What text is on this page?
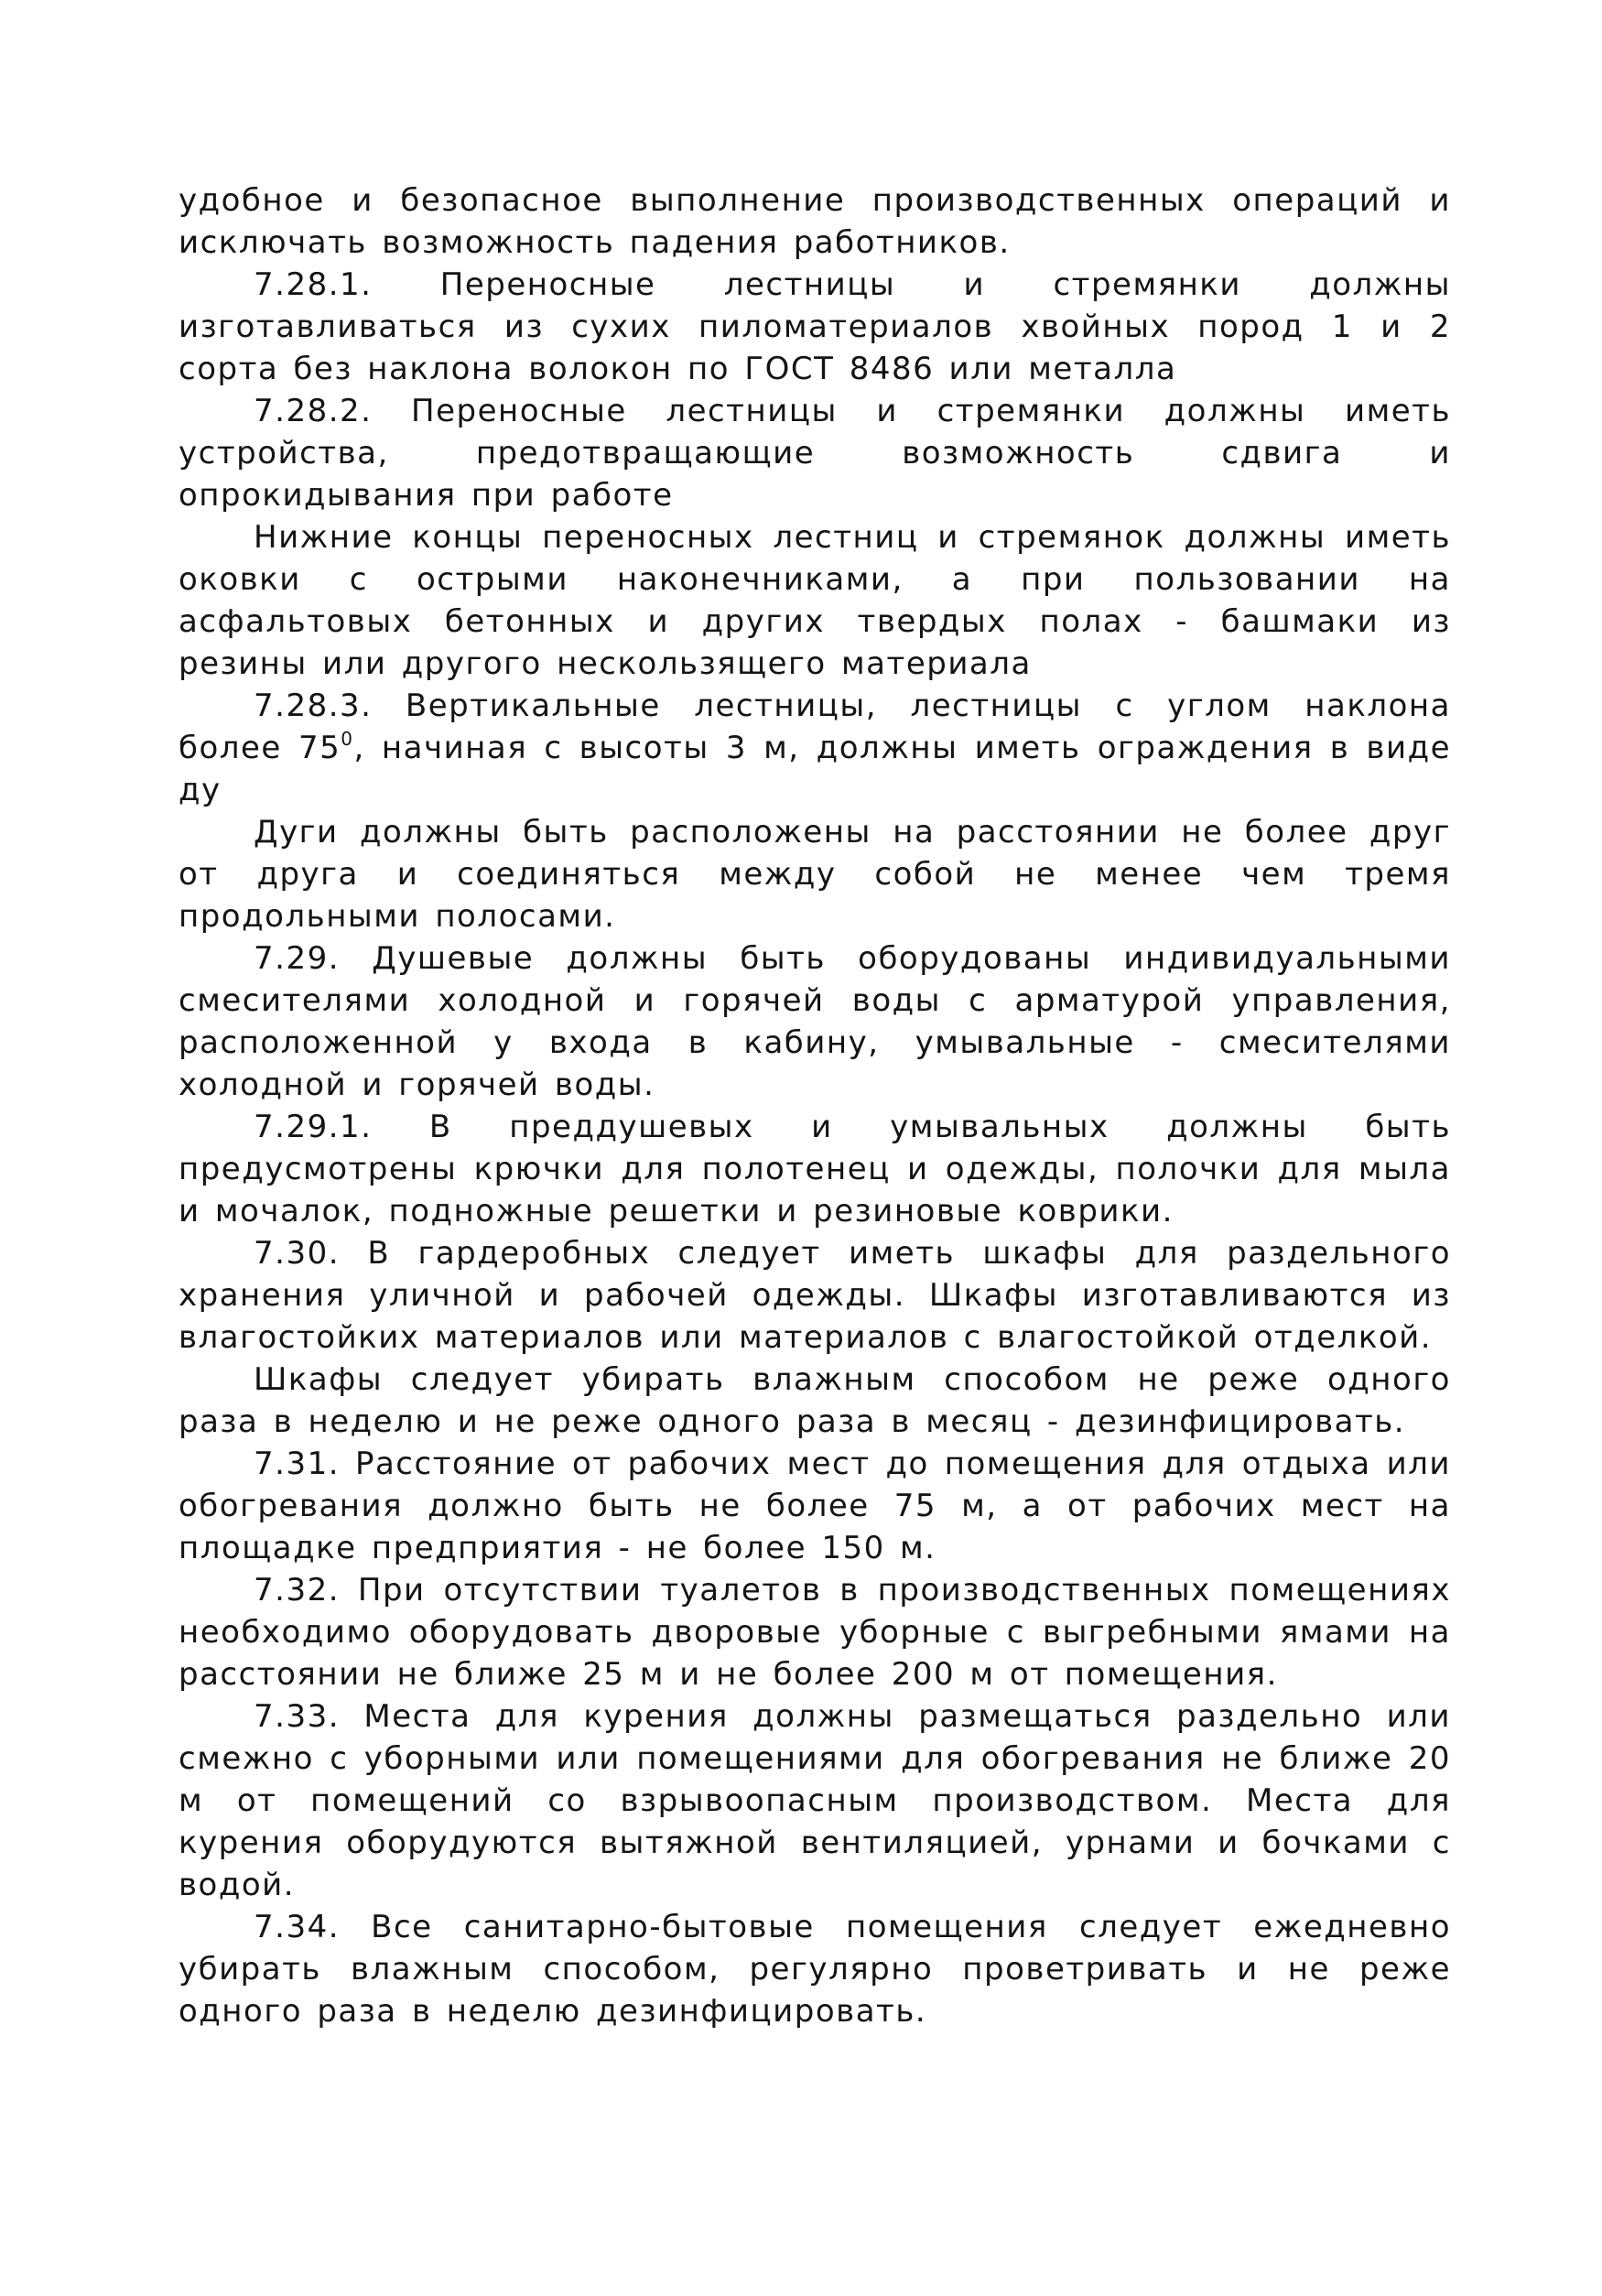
удобное и безопасное выполнение производственных операций и исключать возможность падения работников.

7.28.1. Переносные лестницы и стремянки должны изготавливаться из сухих пиломатериалов хвойных пород 1 и 2 сорта без наклона волокон по ГОСТ 8486 или металла

7.28.2. Переносные лестницы и стремянки должны иметь устройства, предотвращающие возможность сдвига и опрокидывания при работе

Нижние концы переносных лестниц и стремянок должны иметь оковки с острыми наконечниками, а при пользовании на асфальтовых бетонных и других твердых полах - башмаки из резины или другого нескользящего материала

7.28.3. Вертикальные лестницы, лестницы с углом наклона более $75^0$, начиная с высоты 3 м, должны иметь ограждения в виде ду

Дуги должны быть расположены на расстоянии не более друг от друга и соединяться между собой не менее чем тремя продольными полосами.

7.29. Душевые должны быть оборудованы индивидуальными смесителями холодной и горячей воды с арматурой управления, расположенной у входа в кабину, умывальные - смесителями холодной и горячей воды.

7.29.1. В преддушевых и умывальных должны быть предусмотрены крючки для полотенец и одежды, полочки для мыла и мочалок, подножные решетки и резиновые коврики.

7.30. В гардеробных следует иметь шкафы для раздельного хранения уличной и рабочей одежды. Шкафы изготавливаются из влагостойких материалов или материалов с влагостойкой отделкой.

Шкафы следует убирать влажным способом не реже одного раза в неделю и не реже одного раза в месяц - дезинфицировать.

7.31. Расстояние от рабочих мест до помещения для отдыха или обогревания должно быть не более 75 м, а от рабочих мест на площадке предприятия - не более 150 м.

7.32. При отсутствии туалетов в производственных помещениях необходимо оборудовать дворовые уборные с выгребными ямами на расстоянии не ближе 25 м и не более 200 м от помещения.

7.33. Места для курения должны размещаться раздельно или смежно с уборными или помещениями для обогревания не ближе 20 м от помещений со взрывоопасным производством. Места для курения оборудуются вытяжной вентиляцией, урнами и бочками с водой.

7.34. Все санитарно-бытовые помещения следует ежедневно убирать влажным способом, регулярно проветривать и не реже одного раза в неделю дезинфицировать.
